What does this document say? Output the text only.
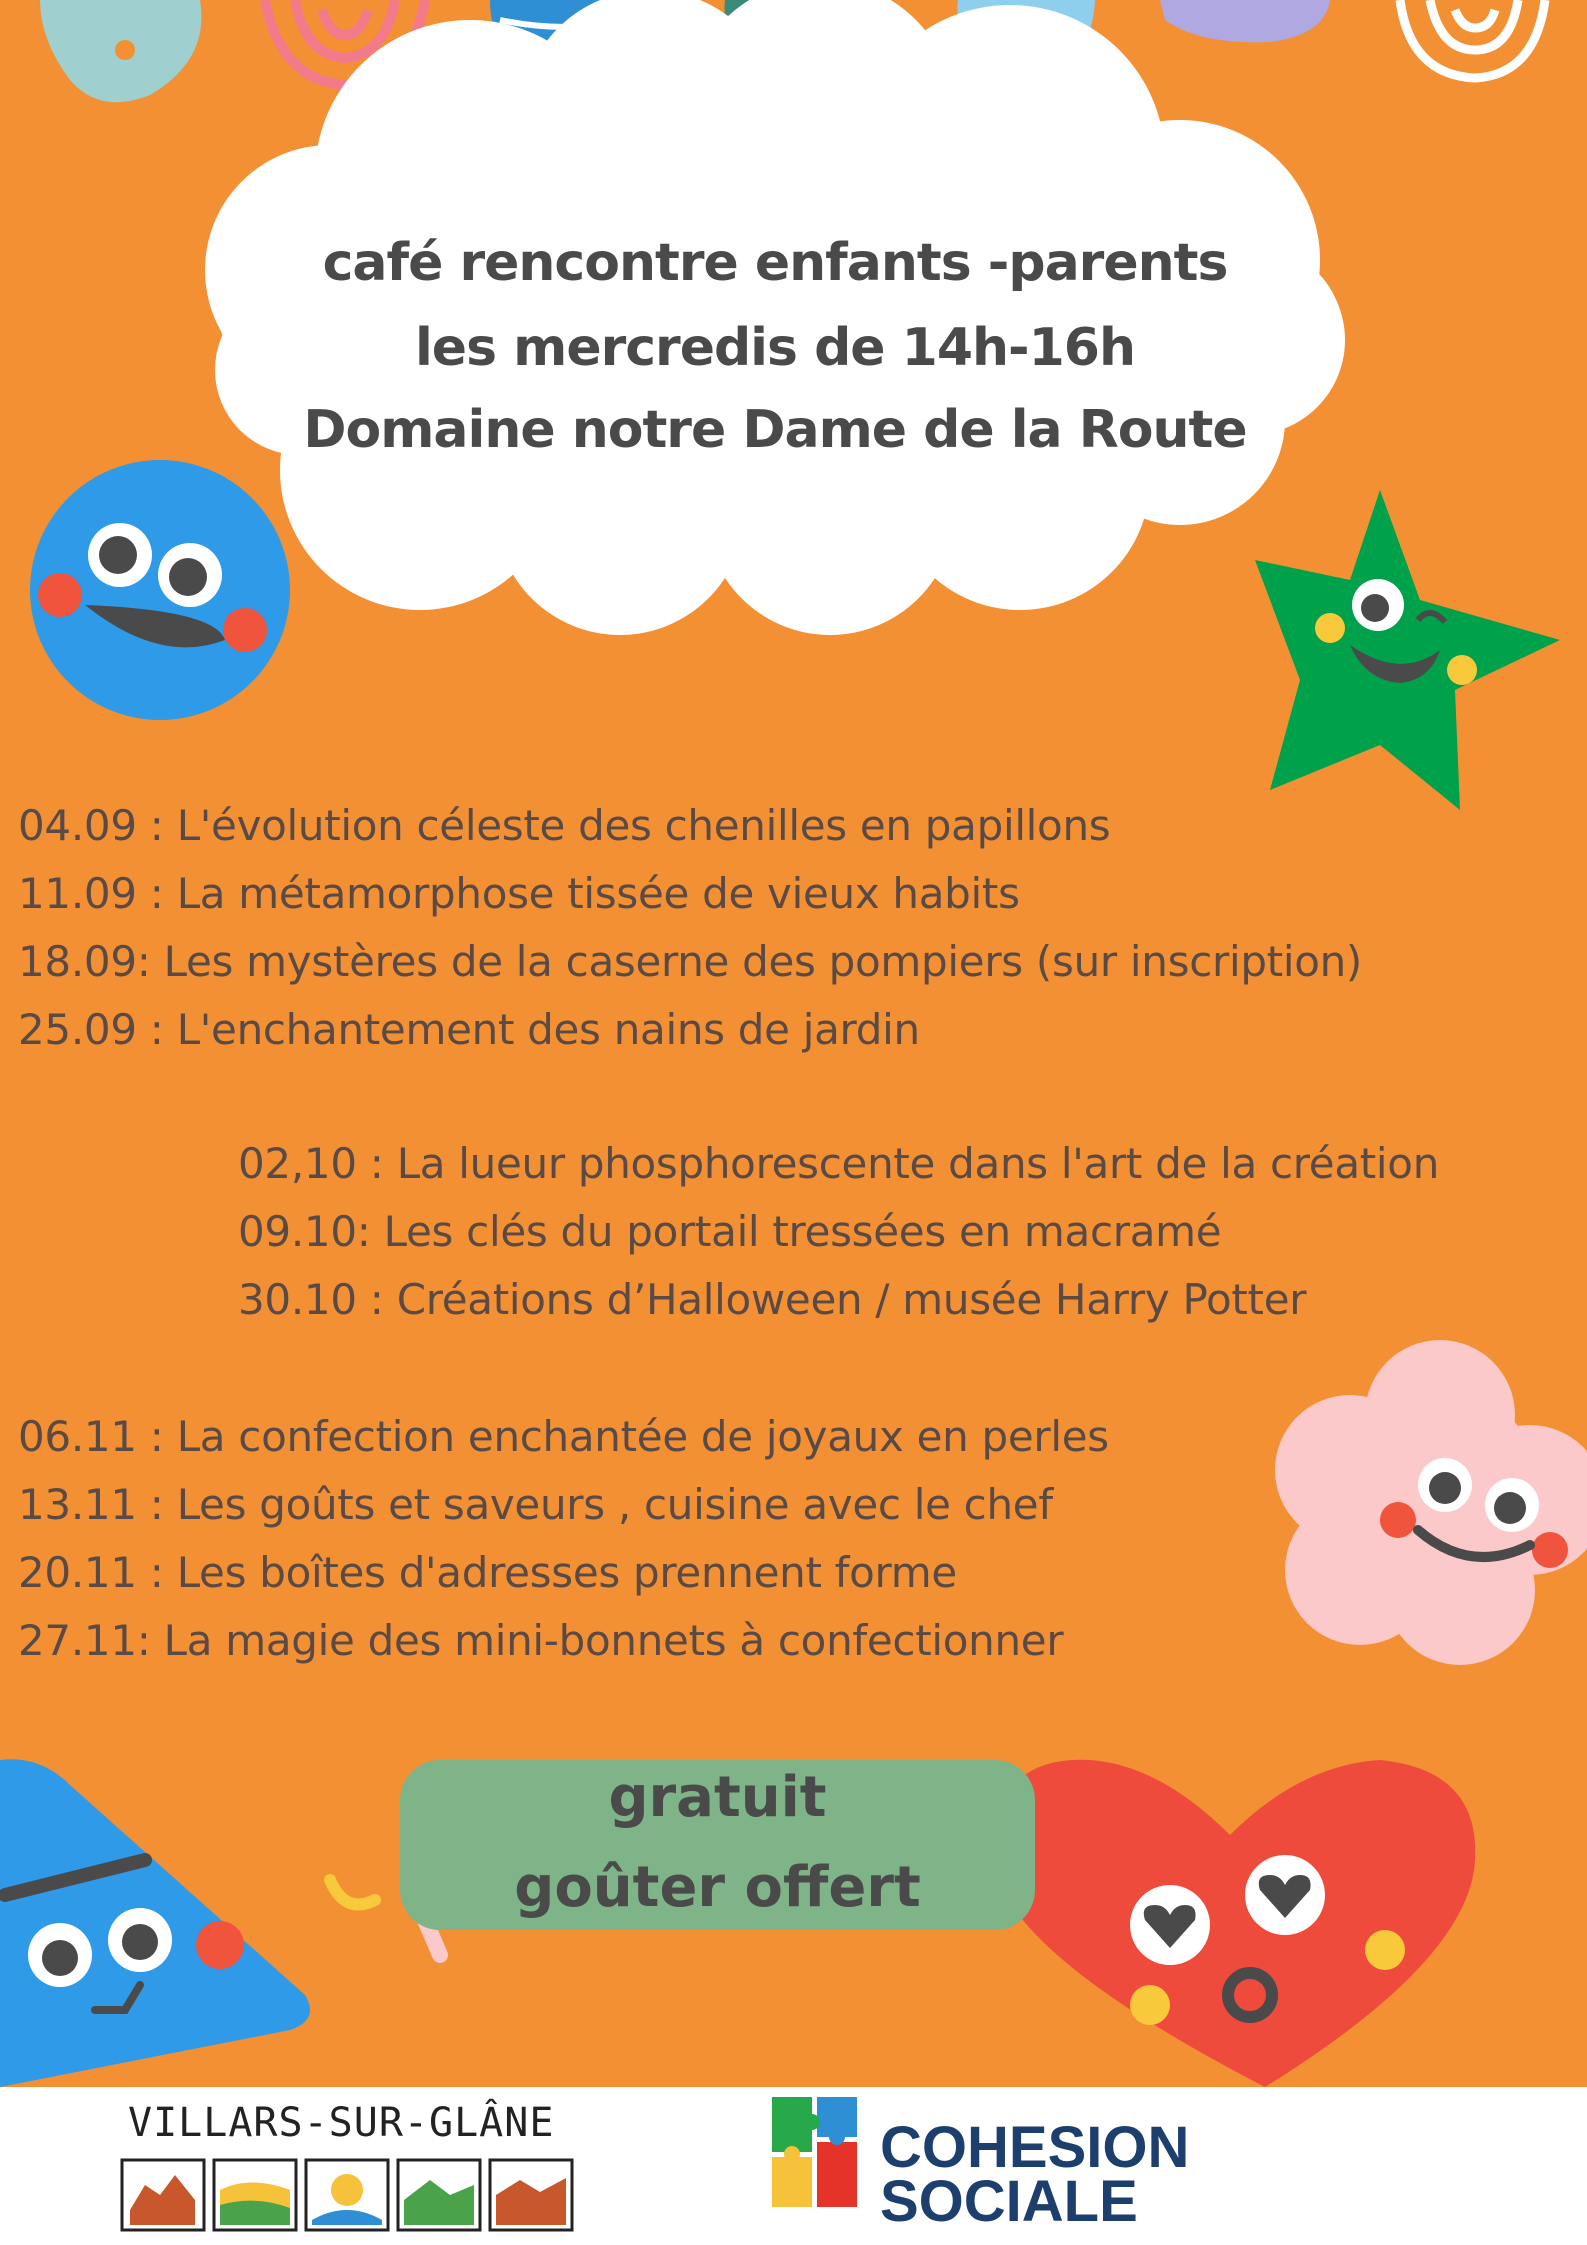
café rencontre enfants -parents
les mercredis de 14h-16h
Domaine notre Dame de la Route
04.09 : L'évolution céleste des chenilles en papillons
11.09 : La métamorphose tissée de vieux habits
18.09: Les mystères de la caserne des pompiers (sur inscription)
25.09 : L'enchantement des nains de jardin
02,10 : La lueur phosphorescente dans l'art de la création
09.10: Les clés du portail tressées en macramé
30.10 : Créations d’Halloween / musée Harry Potter
06.11 : La confection enchantée de joyaux en perles
13.11 : Les goûts et saveurs , cuisine avec le chef
20.11 : Les boîtes d'adresses prennent forme
27.11: La magie des mini-bonnets à confectionner
gratuit
goûter offert
VILLARS-SUR-GLÂNE	COHESION
SOCIALE
